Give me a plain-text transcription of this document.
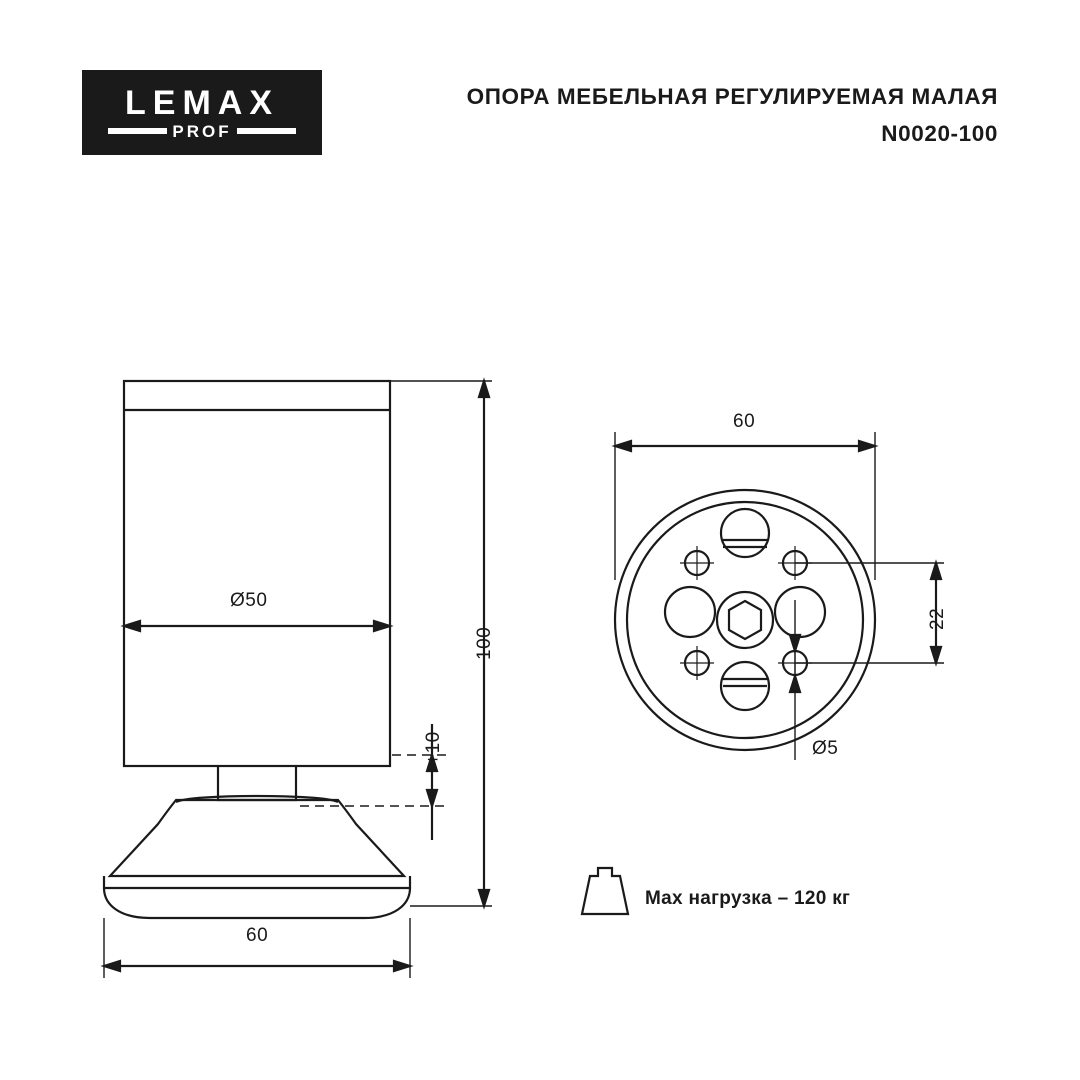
LEMAX
PROF
ОПОРА МЕБЕЛЬНАЯ РЕГУЛИРУЕМАЯ МАЛАЯ
N0020-100
Ø50
100
+10
60
60
22
Ø5
Max нагрузка – 120 кг
